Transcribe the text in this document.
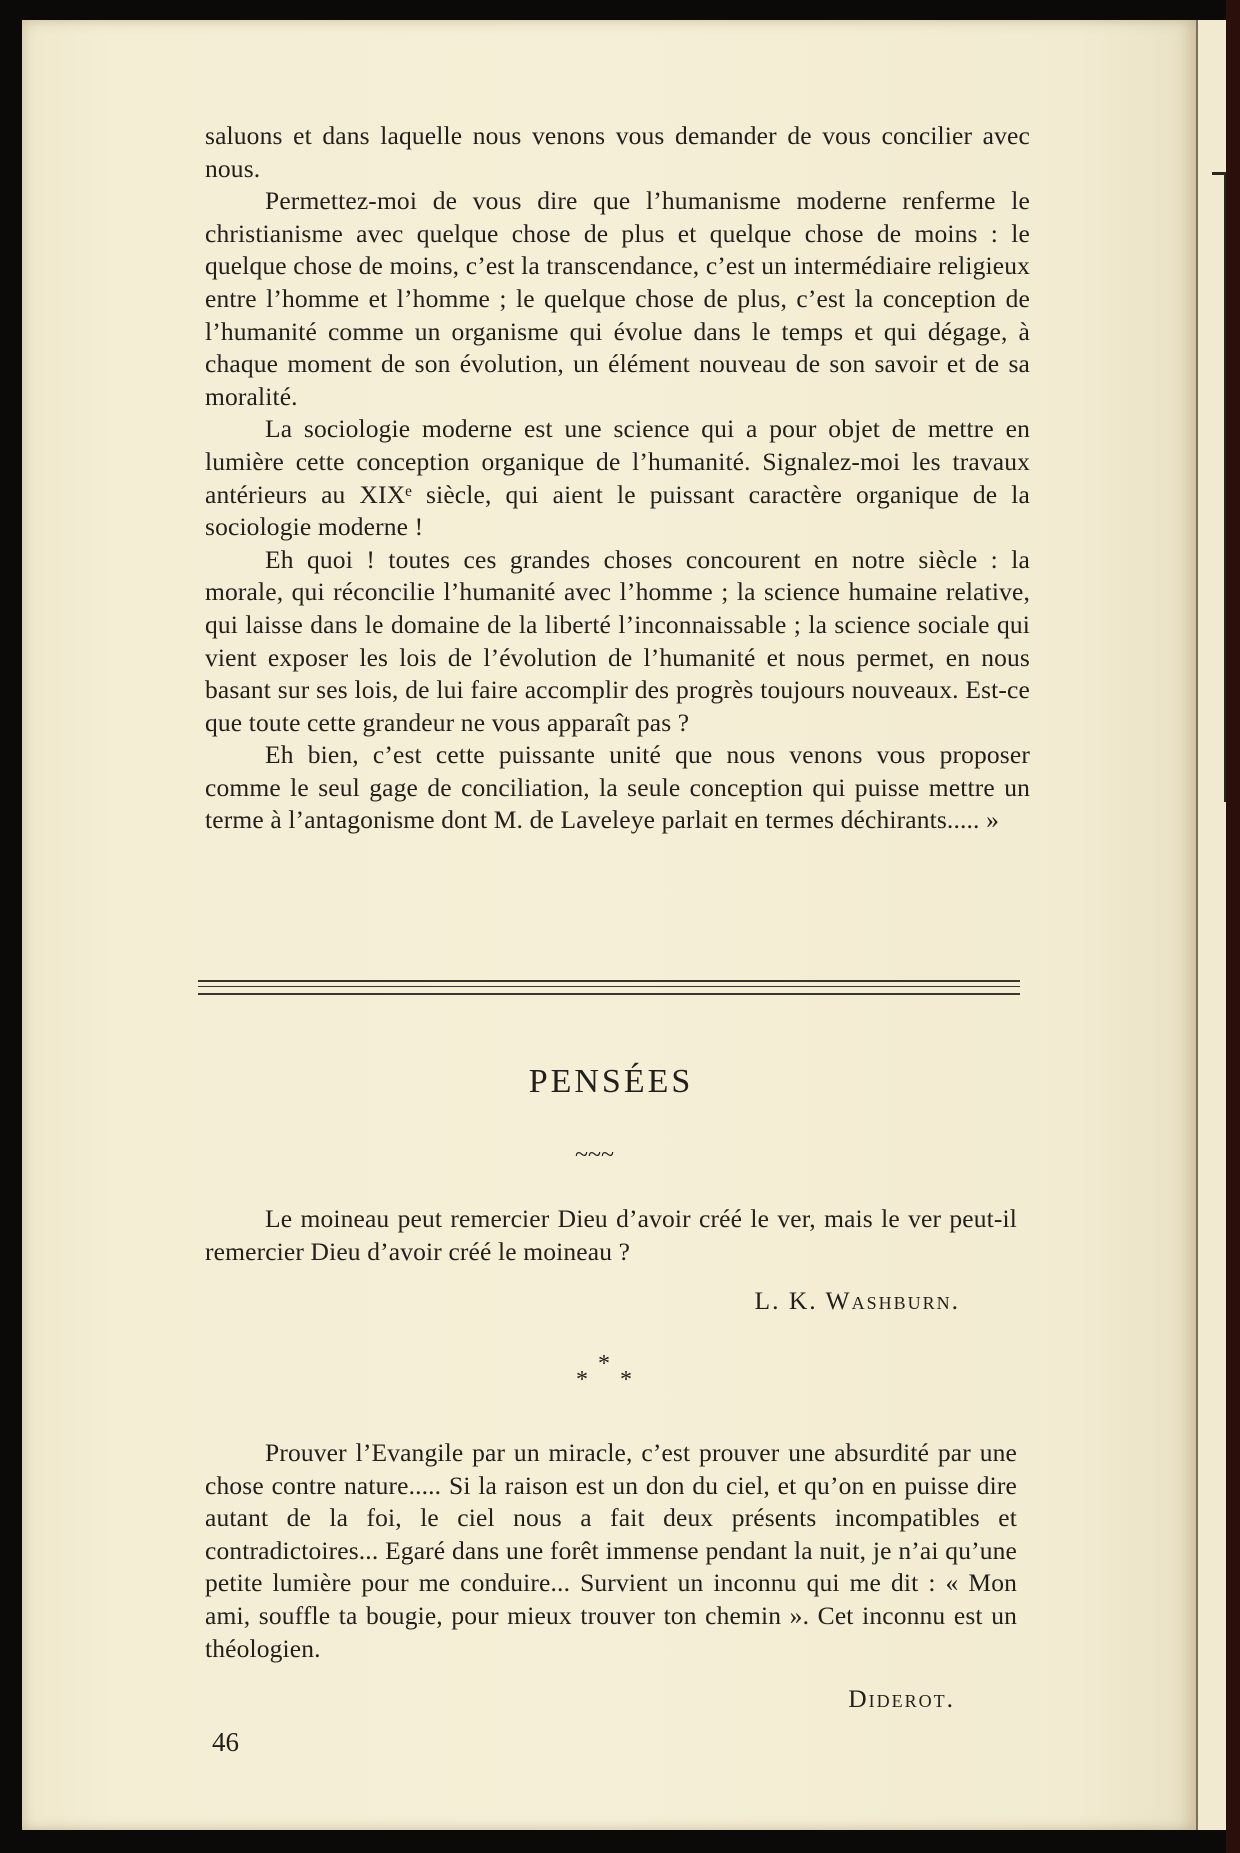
saluons et dans laquelle nous venons vous demander de vous concilier avec nous.

Permettez-moi de vous dire que l’humanisme moderne renferme le christianisme avec quelque chose de plus et quelque chose de moins : le quelque chose de moins, c’est la transcendance, c’est un intermédiaire religieux entre l’homme et l’homme ; le quelque chose de plus, c’est la conception de l’humanité comme un organisme qui évolue dans le temps et qui dégage, à chaque moment de son évolution, un élément nouveau de son savoir et de sa moralité.

La sociologie moderne est une science qui a pour objet de mettre en lumière cette conception organique de l’humanité. Signalez-moi les travaux antérieurs au XIXᵉ siècle, qui aient le puissant caractère organique de la sociologie moderne !

Eh quoi ! toutes ces grandes choses concourent en notre siècle : la morale, qui réconcilie l’humanité avec l’homme ; la science humaine relative, qui laisse dans le domaine de la liberté l’inconnaissable ; la science sociale qui vient exposer les lois de l’évolution de l’humanité et nous permet, en nous basant sur ses lois, de lui faire accomplir des progrès toujours nouveaux. Est-ce que toute cette grandeur ne vous apparaît pas ?

Eh bien, c’est cette puissante unité que nous venons vous proposer comme le seul gage de conciliation, la seule conception qui puisse mettre un terme à l’antagonisme dont M. de Laveleye parlait en termes déchirants..... »

PENSÉES
~~~

Le moineau peut remercier Dieu d’avoir créé le ver, mais le ver peut-il remercier Dieu d’avoir créé le moineau ?

L. K. Washburn.
*
* *

Prouver l’Evangile par un miracle, c’est prouver une absurdité par une chose contre nature..... Si la raison est un don du ciel, et qu’on en puisse dire autant de la foi, le ciel nous a fait deux présents incompatibles et contradictoires... Egaré dans une forêt immense pendant la nuit, je n’ai qu’une petite lumière pour me conduire... Survient un inconnu qui me dit : « Mon ami, souffle ta bougie, pour mieux trouver ton chemin ». Cet inconnu est un théologien.

Diderot.
46
